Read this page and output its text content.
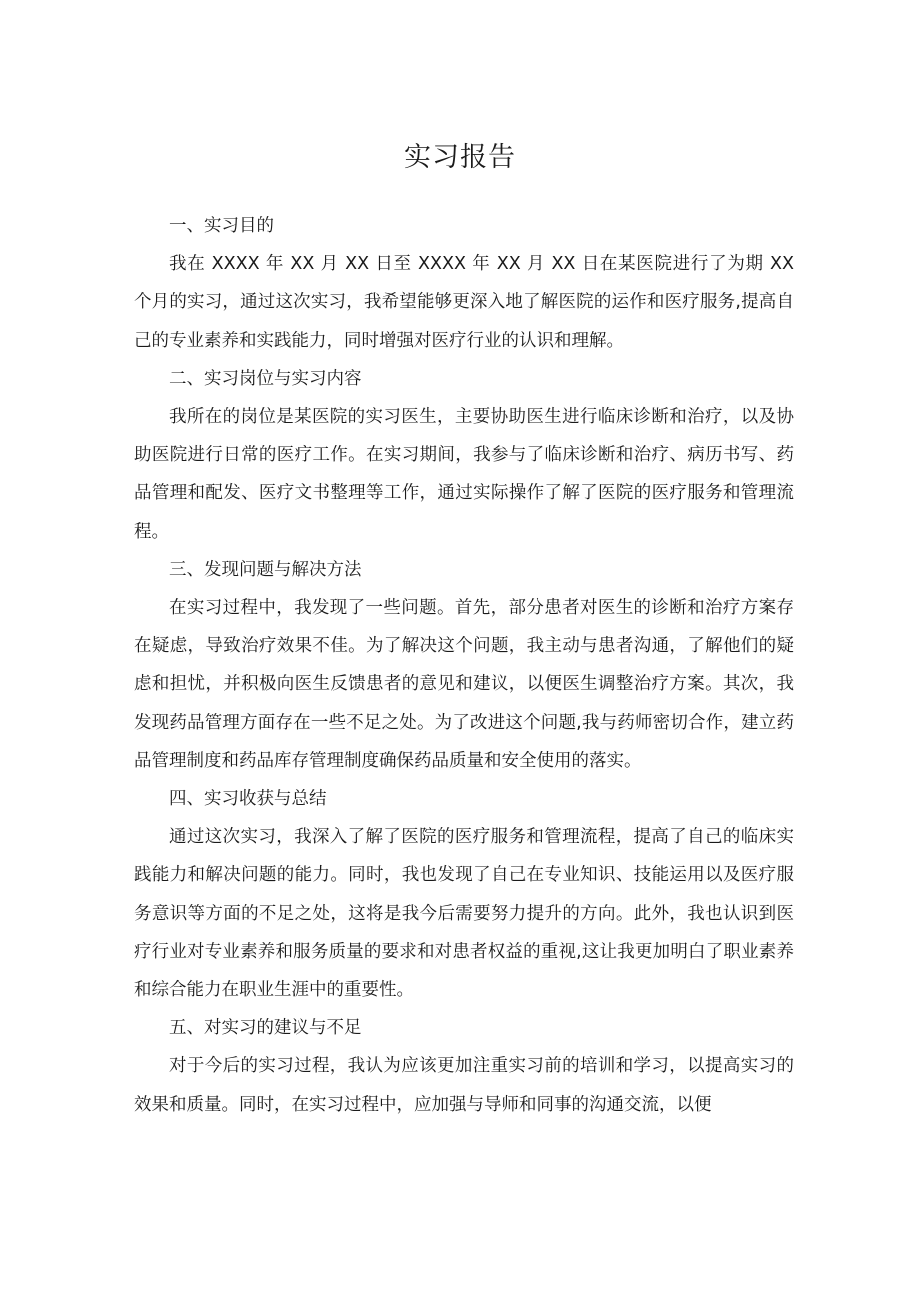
实习报告

一、实习目的

我在 XXXX 年 XX 月 XX 日至 XXXX 年 XX 月 XX 日在某医院进行了为期 XX 个月的实习，通过这次实习，我希望能够更深入地了解医院的运作和医疗服务,提高自己的专业素养和实践能力，同时增强对医疗行业的认识和理解。

二、实习岗位与实习内容

我所在的岗位是某医院的实习医生，主要协助医生进行临床诊断和治疗，以及协助医院进行日常的医疗工作。在实习期间，我参与了临床诊断和治疗、病历书写、药品管理和配发、医疗文书整理等工作，通过实际操作了解了医院的医疗服务和管理流程。

三、发现问题与解决方法

在实习过程中，我发现了一些问题。首先，部分患者对医生的诊断和治疗方案存在疑虑，导致治疗效果不佳。为了解决这个问题，我主动与患者沟通，了解他们的疑虑和担忧，并积极向医生反馈患者的意见和建议，以便医生调整治疗方案。其次，我发现药品管理方面存在一些不足之处。为了改进这个问题,我与药师密切合作，建立药品管理制度和药品库存管理制度确保药品质量和安全使用的落实。

四、实习收获与总结

通过这次实习，我深入了解了医院的医疗服务和管理流程，提高了自己的临床实践能力和解决问题的能力。同时，我也发现了自己在专业知识、技能运用以及医疗服务意识等方面的不足之处，这将是我今后需要努力提升的方向。此外，我也认识到医疗行业对专业素养和服务质量的要求和对患者权益的重视,这让我更加明白了职业素养和综合能力在职业生涯中的重要性。

五、对实习的建议与不足

对于今后的实习过程，我认为应该更加注重实习前的培训和学习，以提高实习的效果和质量。同时，在实习过程中，应加强与导师和同事的沟通交流，以便
